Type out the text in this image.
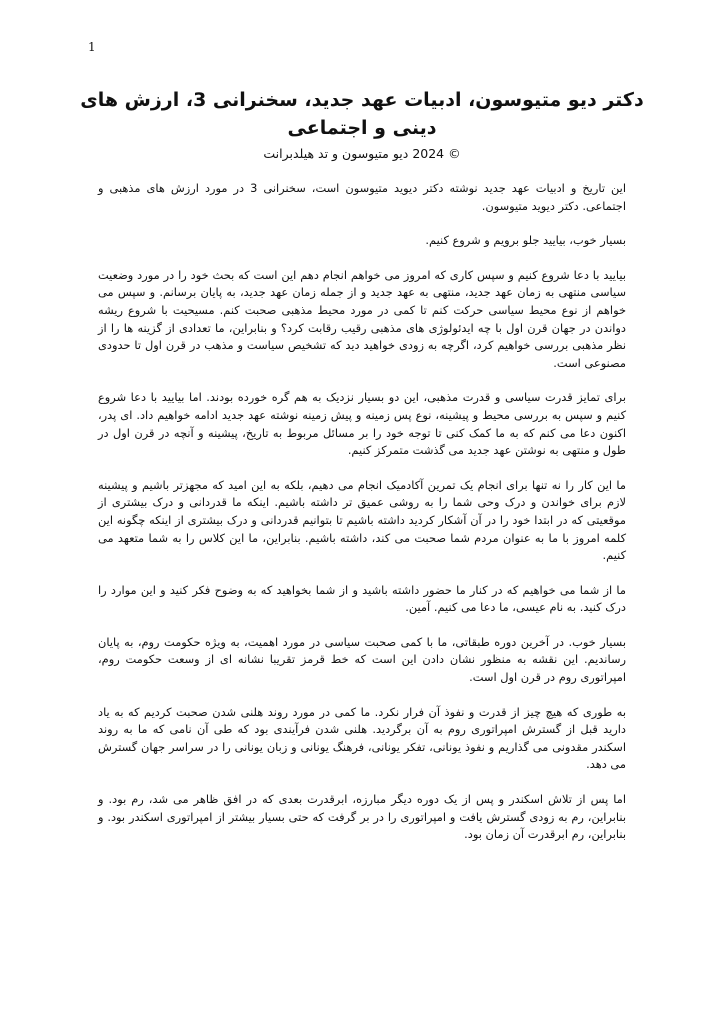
1
دکتر دیو متیوسون، ادبیات عهد جدید، سخنرانی 3، ارزش های دینی و اجتماعی
© 2024 دیو متیوسون و تد هیلدبرانت

این تاریخ و ادبیات عهد جدید نوشته دکتر دیوید متیوسون است، سخنرانی 3 در مورد ارزش های مذهبی و اجتماعی. دکتر دیوید متیوسون.

بسیار خوب، بیایید جلو برویم و شروع کنیم.

بیایید با دعا شروع کنیم و سپس کاری که امروز می خواهم انجام دهم این است که بحث خود را در مورد وضعیت سیاسی منتهی به زمان عهد جدید، منتهی به عهد جدید و از جمله زمان عهد جدید، به پایان برسانم. و سپس می خواهم از نوع محیط سیاسی حرکت کنم تا کمی در مورد محیط مذهبی صحبت کنم. مسیحیت با شروع ریشه دواندن در جهان قرن اول با چه ایدئولوژی های مذهبی رقیب رقابت کرد؟ و بنابراین، ما تعدادی از گزینه ها را از نظر مذهبی بررسی خواهیم کرد، اگرچه به زودی خواهید دید که تشخیص سیاست و مذهب در قرن اول تا حدودی مصنوعی است.

برای تمایز قدرت سیاسی و قدرت مذهبی، این دو بسیار نزدیک به هم گره خورده بودند. اما بیایید با دعا شروع کنیم و سپس به بررسی محیط و پیشینه، نوع پس زمینه و پیش زمینه نوشته عهد جدید ادامه خواهیم داد. ای پدر، اکنون دعا می کنم که به ما کمک کنی تا توجه خود را بر مسائل مربوط به تاریخ، پیشینه و آنچه در قرن اول در طول و منتهی به نوشتن عهد جدید می گذشت متمرکز کنیم.

ما این کار را نه تنها برای انجام یک تمرین آکادمیک انجام می دهیم، بلکه به این امید که مجهزتر باشیم و پیشینه لازم برای خواندن و درک وحی شما را به روشی عمیق تر داشته باشیم. اینکه ما قدردانی و درک بیشتری از موقعیتی که در ابتدا خود را در آن آشکار کردید داشته باشیم تا بتوانیم قدردانی و درک بیشتری از اینکه چگونه این کلمه امروز با ما به عنوان مردم شما صحبت می کند، داشته باشیم. بنابراین، ما این کلاس را به شما متعهد می کنیم.

ما از شما می خواهیم که در کنار ما حضور داشته باشید و از شما بخواهید که به وضوح فکر کنید و این موارد را درک کنید. به نام عیسی، ما دعا می کنیم. آمین.

بسیار خوب. در آخرین دوره طبقاتی، ما با کمی صحبت سیاسی در مورد اهمیت، به ویژه حکومت روم، به پایان رساندیم. این نقشه به منظور نشان دادن این است که خط قرمز تقریبا نشانه ای از وسعت حکومت روم، امپراتوری روم در قرن اول است.

به طوری که هیچ چیز از قدرت و نفوذ آن فرار نکرد. ما کمی در مورد روند هلنی شدن صحبت کردیم که به یاد دارید قبل از گسترش امپراتوری روم به آن برگردید. هلنی شدن فرآیندی بود که طی آن نامی که ما به روند اسکندر مقدونی می گذاریم و نفوذ یونانی، تفکر یونانی، فرهنگ یونانی و زبان یونانی را در سراسر جهان گسترش می دهد.

اما پس از تلاش اسکندر و پس از یک دوره دیگر مبارزه، ابرقدرت بعدی که در افق ظاهر می شد، رم بود. و بنابراین، رم به زودی گسترش یافت و امپراتوری را در بر گرفت که حتی بسیار بیشتر از امپراتوری اسکندر بود. و بنابراین، رم ابرقدرت آن زمان بود.
